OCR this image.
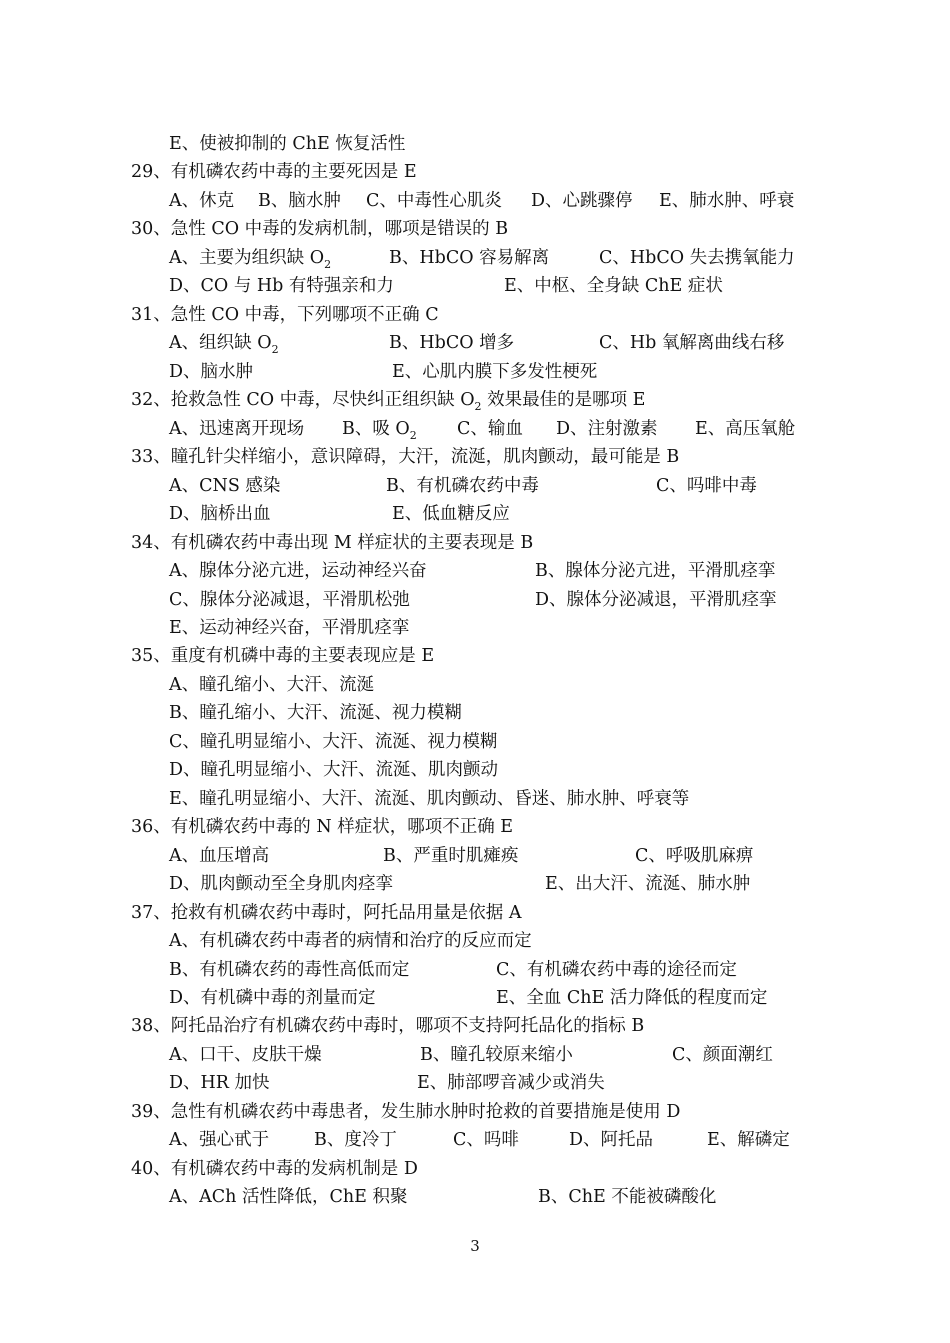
E、使被抑制的 ChE 恢复活性
29、有机磷农药中毒的主要死因是 E
A、休克 B、脑水肿 C、中毒性心肌炎 D、心跳骤停 E、肺水肿、呼衰
30、急性 CO 中毒的发病机制，哪项是错误的 B
A、主要为组织缺 $O_2$	B、HbCO 容易解离	C、HbCO 失去携氧能力
D、CO 与 Hb 有特强亲和力	E、中枢、全身缺 ChE 症状
31、急性 CO 中毒，下列哪项不正确 C
A、组织缺 $O_2$	B、HbCO 增多	C、Hb 氧解离曲线右移
D、脑水肿	E、心肌内膜下多发性梗死
32、抢救急性 CO 中毒，尽快纠正组织缺 $O_2$ 效果最佳的是哪项 E
A、迅速离开现场 B、吸 $O_2$ C、输血 D、注射激素 E、高压氧舱
33、瞳孔针尖样缩小，意识障碍，大汗，流涎，肌肉颤动，最可能是 B
A、CNS 感染	B、有机磷农药中毒	C、吗啡中毒
D、脑桥出血	E、低血糖反应
34、有机磷农药中毒出现 M 样症状的主要表现是 B
A、腺体分泌亢进，运动神经兴奋	B、腺体分泌亢进，平滑肌痉挛
C、腺体分泌减退，平滑肌松弛	D、腺体分泌减退，平滑肌痉挛
E、运动神经兴奋，平滑肌痉挛
35、重度有机磷中毒的主要表现应是 E
A、瞳孔缩小、大汗、流涎
B、瞳孔缩小、大汗、流涎、视力模糊
C、瞳孔明显缩小、大汗、流涎、视力模糊
D、瞳孔明显缩小、大汗、流涎、肌肉颤动
E、瞳孔明显缩小、大汗、流涎、肌肉颤动、昏迷、肺水肿、呼衰等
36、有机磷农药中毒的 N 样症状，哪项不正确 E
A、血压增高	B、严重时肌瘫痪	C、呼吸肌麻痹
D、肌肉颤动至全身肌肉痉挛	E、出大汗、流涎、肺水肿
37、抢救有机磷农药中毒时，阿托品用量是依据 A
A、有机磷农药中毒者的病情和治疗的反应而定
B、有机磷农药的毒性高低而定	C、有机磷农药中毒的途径而定
D、有机磷中毒的剂量而定	E、全血 ChE 活力降低的程度而定
38、阿托品治疗有机磷农药中毒时，哪项不支持阿托品化的指标 B
A、口干、皮肤干燥	B、瞳孔较原来缩小	C、颜面潮红
D、HR 加快	E、肺部啰音减少或消失
39、急性有机磷农药中毒患者，发生肺水肿时抢救的首要措施是使用 D
A、强心甙于	B、度冷丁	C、吗啡	D、阿托品	E、解磷定
40、有机磷农药中毒的发病机制是 D
A、ACh 活性降低，ChE 积聚	B、ChE 不能被磷酸化
3
